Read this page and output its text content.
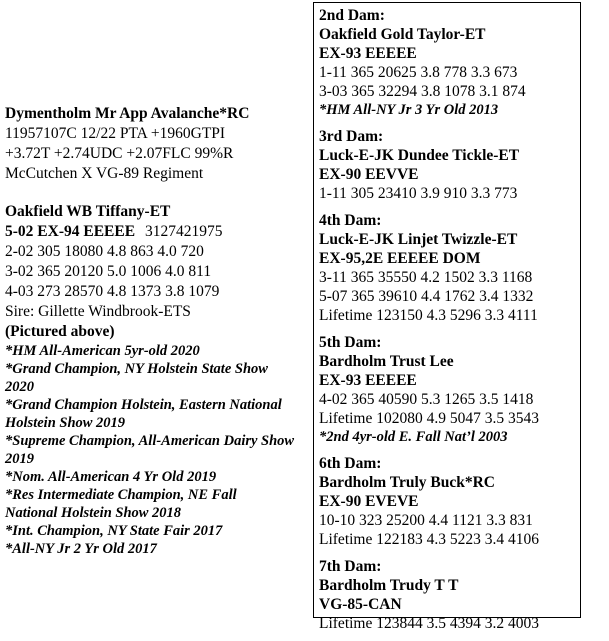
Dymentholm Mr App Avalanche*RC
11957107C 12/22 PTA +1960GTPI
+3.72T +2.74UDC +2.07FLC 99%R
McCutchen X VG-89 Regiment
Oakfield WB Tiffany-ET
5-02 EX-94 EEEEE 3127421975
2-02 305 18080 4.8 863 4.0 720
3-02 365 20120 5.0 1006 4.0 811
4-03 273 28570 4.8 1373 3.8 1079
Sire: Gillette Windbrook-ETS
(Pictured above)
*HM All-American 5yr-old 2020
*Grand Champion, NY Holstein State Show 2020
*Grand Champion Holstein, Eastern National Holstein Show 2019
*Supreme Champion, All-American Dairy Show 2019
*Nom. All-American 4 Yr Old 2019
*Res Intermediate Champion, NE Fall National Holstein Show 2018
*Int. Champion, NY State Fair 2017
*All-NY Jr 2 Yr Old 2017
2nd Dam:
Oakfield Gold Taylor-ET
EX-93 EEEEE
1-11 365 20625 3.8 778 3.3 673
3-03 365 32294 3.8 1078 3.1 874
*HM All-NY Jr 3 Yr Old 2013
3rd Dam:
Luck-E-JK Dundee Tickle-ET
EX-90 EEVVE
1-11 305 23410 3.9 910 3.3 773
4th Dam:
Luck-E-JK Linjet Twizzle-ET
EX-95,2E EEEEE DOM
3-11 365 35550 4.2 1502 3.3 1168
5-07 365 39610 4.4 1762 3.4 1332
Lifetime 123150 4.3 5296 3.3 4111
5th Dam:
Bardholm Trust Lee
EX-93 EEEEE
4-02 365 40590 5.3 1265 3.5 1418
Lifetime 102080 4.9 5047 3.5 3543
*2nd 4yr-old E. Fall Nat’l 2003
6th Dam:
Bardholm Truly Buck*RC
EX-90 EVEVE
10-10 323 25200 4.4 1121 3.3 831
Lifetime 122183 4.3 5223 3.4 4106
7th Dam:
Bardholm Trudy T T
VG-85-CAN
Lifetime 123844 3.5 4394 3.2 4003
